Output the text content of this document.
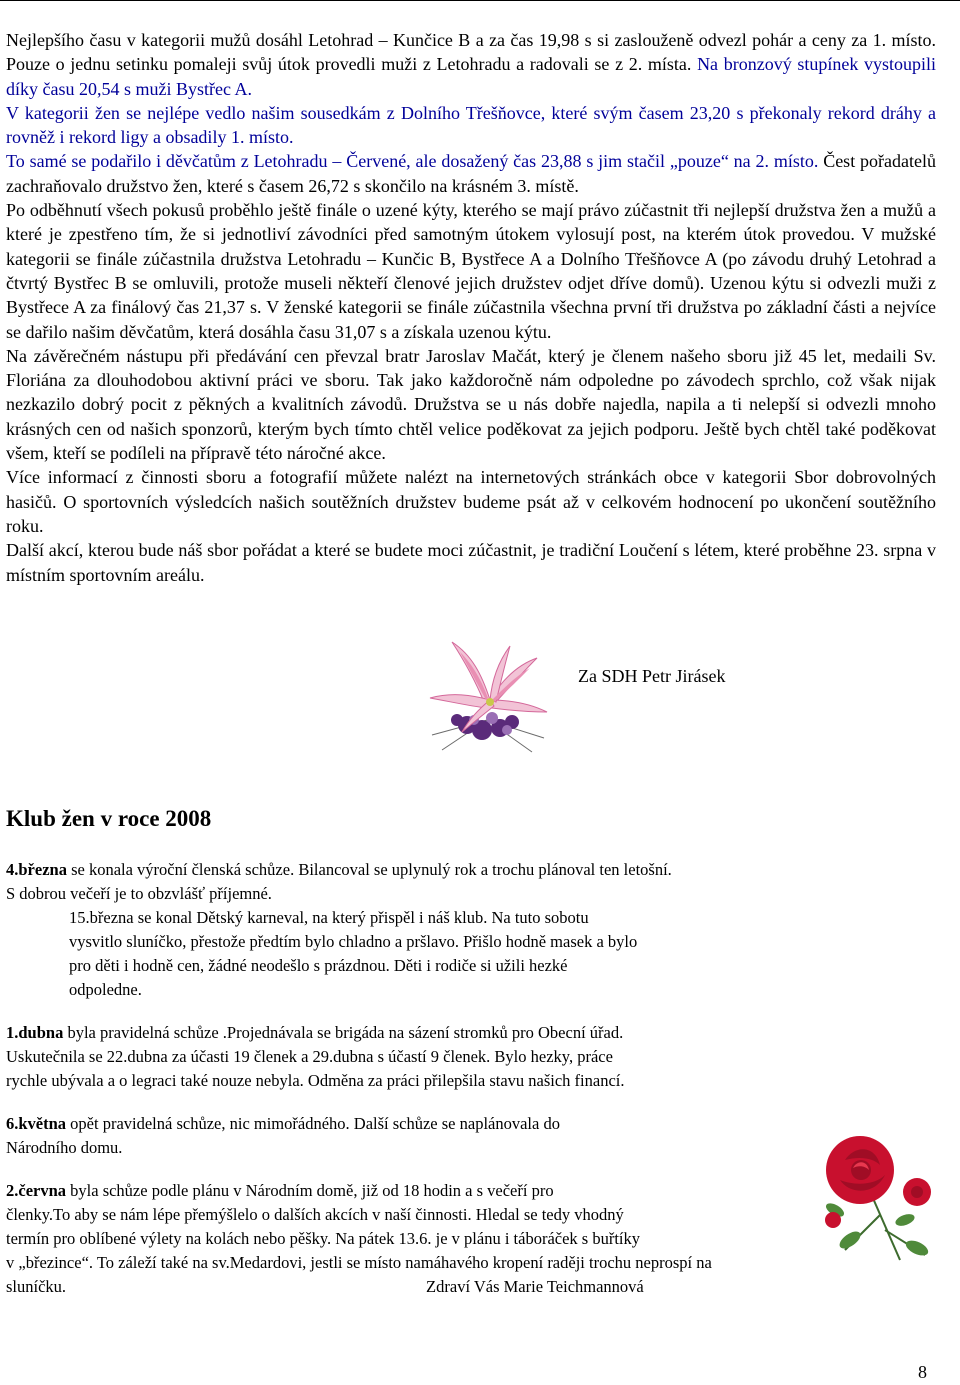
Nejlepšího času v kategorii mužů dosáhl Letohrad – Kunčice B a za čas 19,98 s si zaslouženě odvezl pohár a ceny za 1. místo. Pouze o jednu setinku pomaleji svůj útok provedli muži z Letohradu a radovali se z 2. místa. Na bronzový stupínek vystoupili díky času 20,54 s muži Bystřec A.

V kategorii žen se nejlépe vedlo našim sousedkám z Dolního Třešňovce, které svým časem 23,20 s překonaly rekord dráhy a rovněž i rekord ligy a obsadily 1. místo.

To samé se podařilo i děvčatům z Letohradu – Červené, ale dosažený čas 23,88 s jim stačil „pouze“ na 2. místo. Čest pořadatelů zachraňovalo družstvo žen, které s časem 26,72 s skončilo na krásném 3. místě.

Po odběhnutí všech pokusů proběhlo ještě finále o uzené kýty, kterého se mají právo zúčastnit tři nejlepší družstva žen a mužů a které je zpestřeno tím, že si jednotliví závodníci před samotným útokem vylosují post, na kterém útok provedou. V mužské kategorii se finále zúčastnila družstva Letohradu – Kunčic B, Bystřece A a Dolního Třešňovce A (po závodu druhý Letohrad a čtvrtý Bystřec B se omluvili, protože museli někteří členové jejich družstev odjet dříve domů). Uzenou kýtu si odvezli muži z Bystřece A za finálový čas 21,37 s. V ženské kategorii se finále zúčastnila všechna první tři družstva po základní části a nejvíce se dařilo našim děvčatům, která dosáhla času 31,07 s a získala uzenou kýtu.

Na závěrečném nástupu při předávání cen převzal bratr Jaroslav Mačát, který je členem našeho sboru již 45 let, medaili Sv. Floriána za dlouhodobou aktivní práci ve sboru. Tak jako každoročně nám odpoledne po závodech sprchlo, což však nijak nezkazilo dobrý pocit z pěkných a kvalitních závodů. Družstva se u nás dobře najedla, napila a ti nelepší si odvezli mnoho krásných cen od našich sponzorů, kterým bych tímto chtěl velice poděkovat za jejich podporu. Ještě bych chtěl také poděkovat všem, kteří se podíleli na přípravě této náročné akce.

Více informací z činnosti sboru a fotografií můžete nalézt na internetových stránkách obce v kategorii Sbor dobrovolných hasičů. O sportovních výsledcích našich soutěžních družstev budeme psát až v celkovém hodnocení po ukončení soutěžního roku.

Další akcí, kterou bude náš sbor pořádat a které se budete moci zúčastnit, je tradiční Loučení s létem, které proběhne 23. srpna v místním sportovním areálu.

Za SDH Petr Jirásek
Klub žen v roce 2008
4.března se konala výroční členská schůze. Bilancoval se uplynulý rok a trochu plánoval ten letošní.
S dobrou večeří je to obzvlášť příjemné.
15.března se konal Dětský karneval, na který přispěl i náš klub. Na tuto sobotu
vysvitlo sluníčko, přestože předtím bylo chladno a pršlavo. Přišlo hodně masek a bylo
pro děti i hodně cen, žádné neodešlo s prázdnou. Děti i rodiče si užili hezké
odpoledne.
1.dubna byla pravidelná schůze .Projednávala se brigáda na sázení stromků pro Obecní úřad.
Uskutečnila se 22.dubna za účasti 19 členek a 29.dubna s účastí 9 členek. Bylo hezky, práce
rychle ubývala a o legraci také nouze nebyla. Odměna za práci přilepšila stavu našich financí.
6.května opět pravidelná schůze, nic mimořádného. Další schůze se naplánovala do
Národního domu.
2.června byla schůze podle plánu v Národním domě, již od 18 hodin a s večeří pro
členky.To aby se nám lépe přemýšlelo o dalších akcích v naší činnosti. Hledal se tedy vhodný
termín pro oblíbené výlety na kolách nebo pěšky. Na pátek 13.6. je v plánu i táboráček s buřtíky
v „březince“. To záleží také na sv.Medardovi, jestli se místo namáhavého kropení raději trochu neprospí na
sluníčku.	Zdraví Vás Marie Teichmannová
8
